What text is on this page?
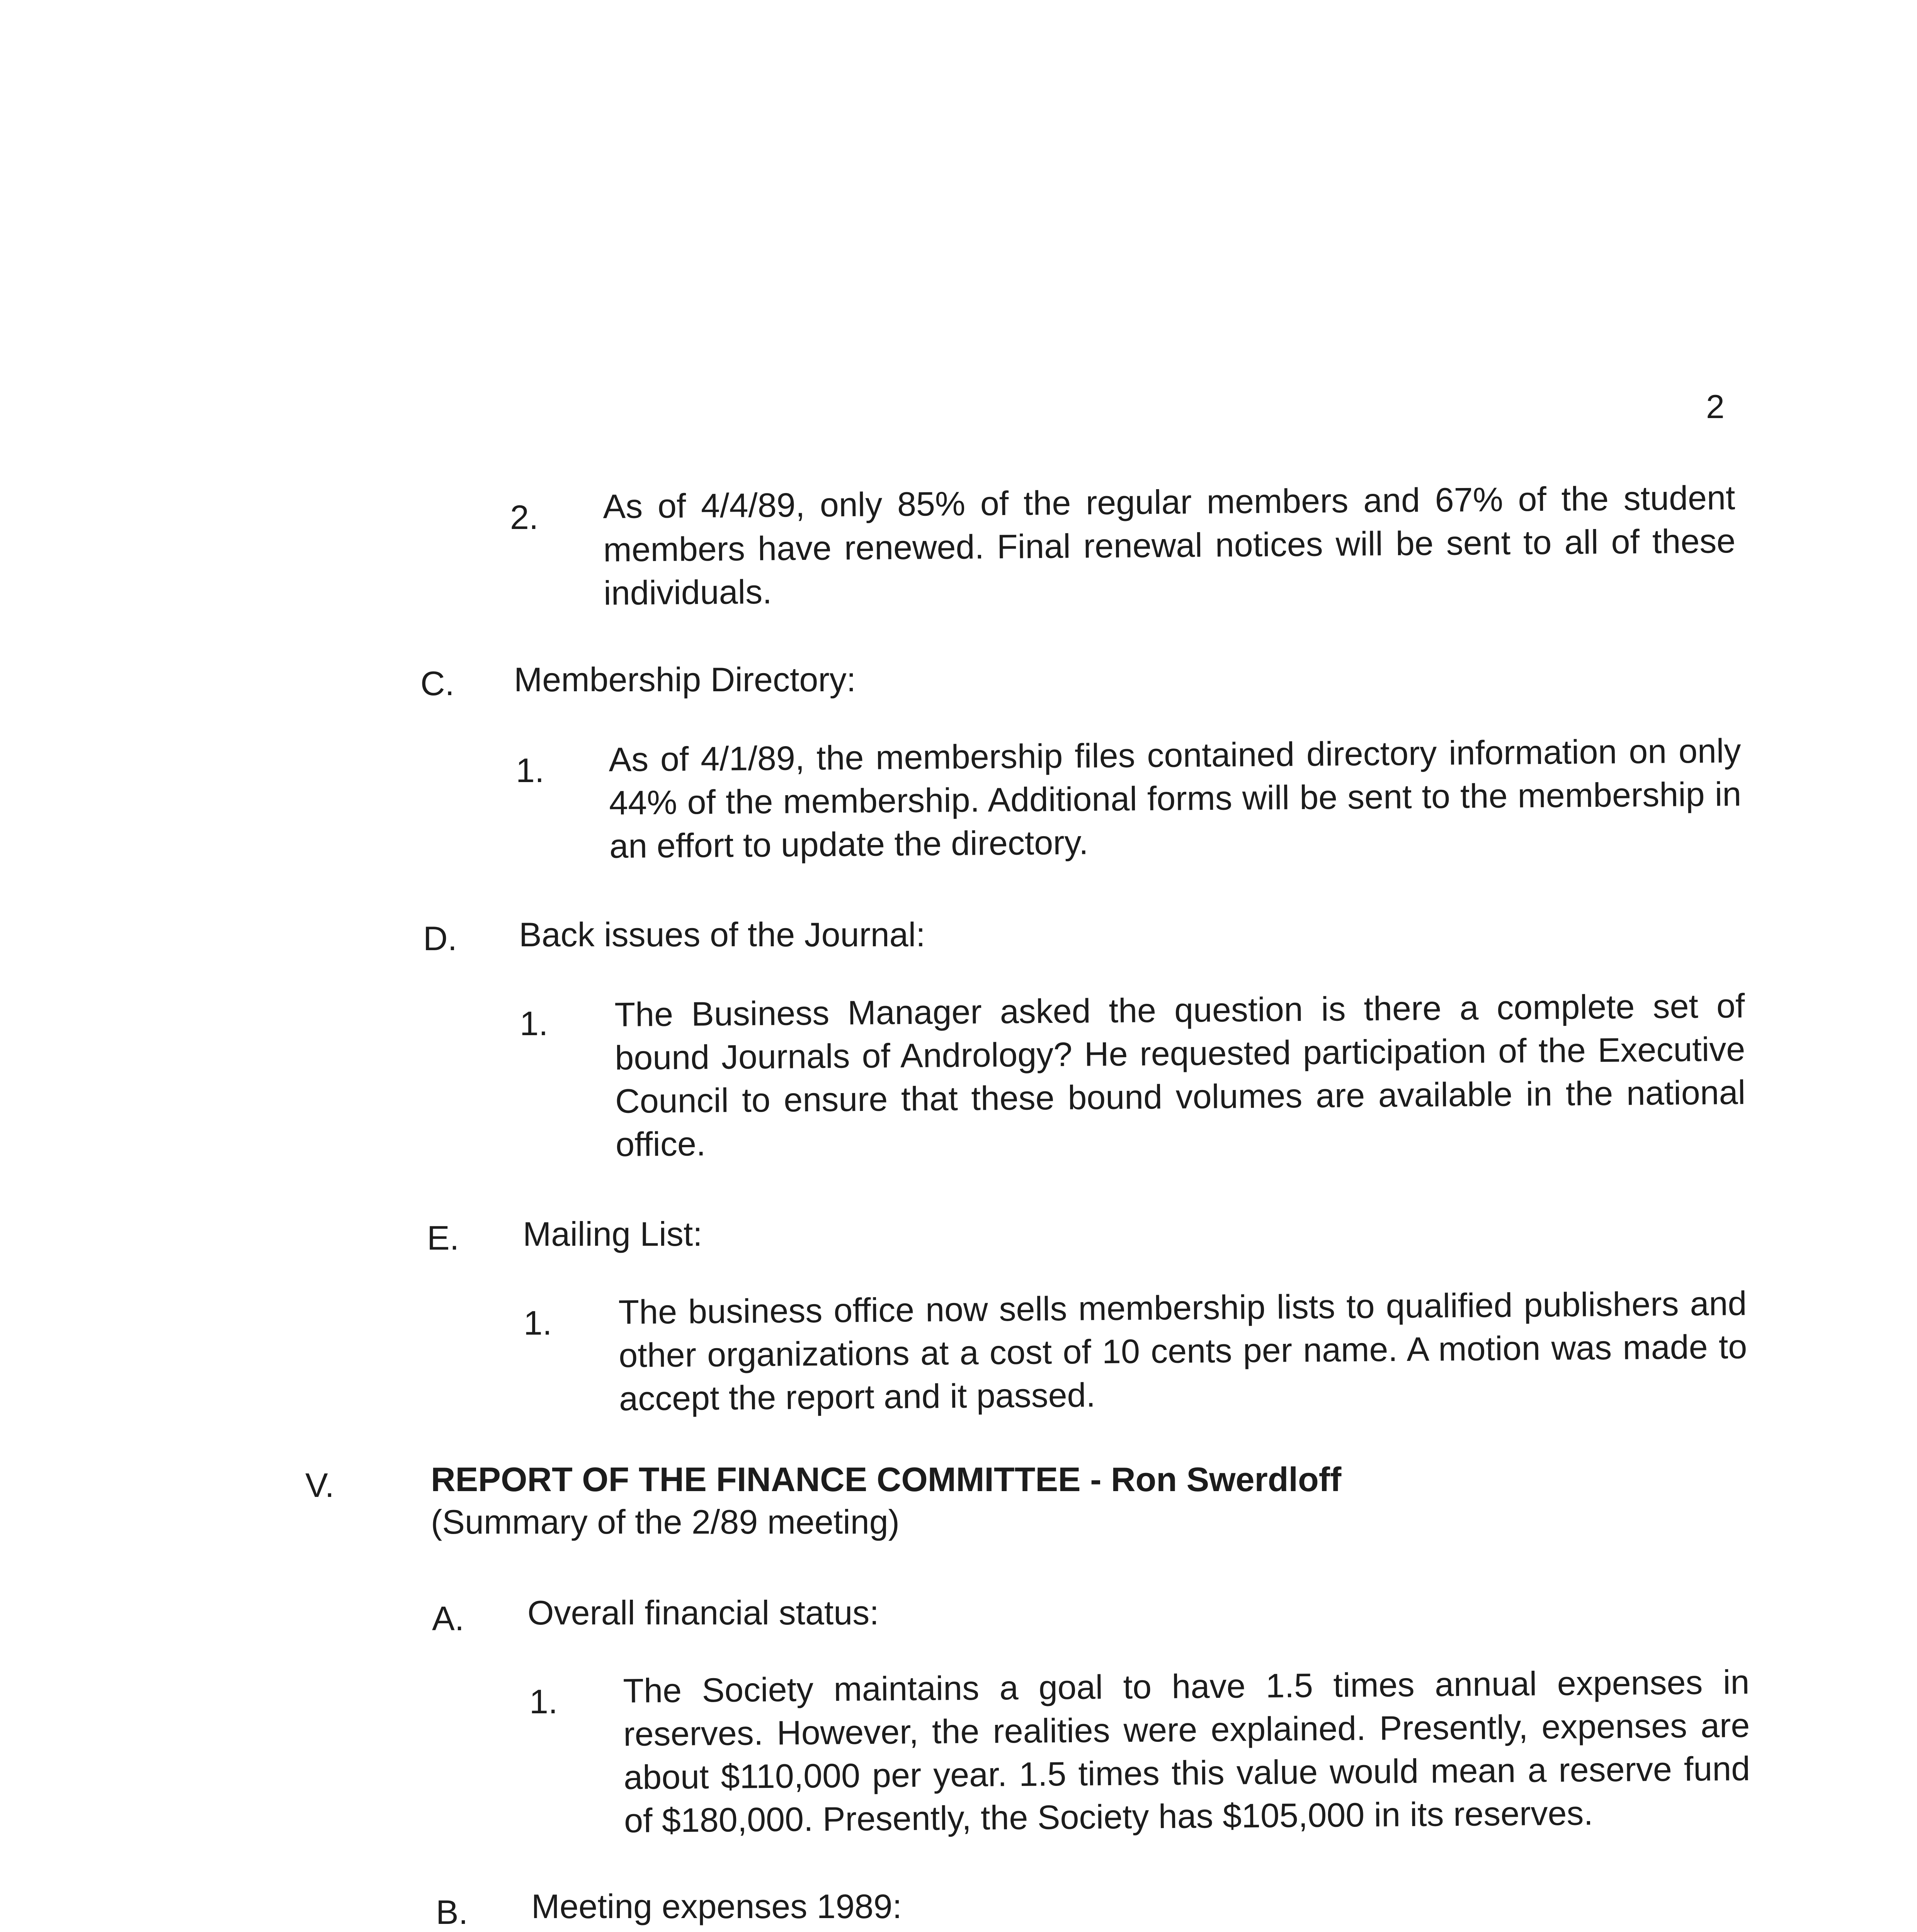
2
2. As of 4/4/89, only 85% of the regular members and 67% of the student members have renewed. Final renewal notices will be sent to all of these individuals.
C. Membership Directory:
1. As of 4/1/89, the membership files contained directory information on only 44% of the membership. Additional forms will be sent to the membership in an effort to update the directory.
D. Back issues of the Journal:
1. The Business Manager asked the question is there a complete set of bound Journals of Andrology? He requested participation of the Executive Council to ensure that these bound volumes are available in the national office.
E. Mailing List:
1. The business office now sells membership lists to qualified publishers and other organizations at a cost of 10 cents per name. A motion was made to accept the report and it passed.
V.	REPORT OF THE FINANCE COMMITTEE - Ron Swerdloff
(Summary of the 2/89 meeting)
A. Overall financial status:
1. The Society maintains a goal to have 1.5 times annual expenses in reserves. However, the realities were explained. Presently, expenses are about $110,000 per year. 1.5 times this value would mean a reserve fund of $180,000. Presently, the Society has $105,000 in its reserves.
B. Meeting expenses 1989:
